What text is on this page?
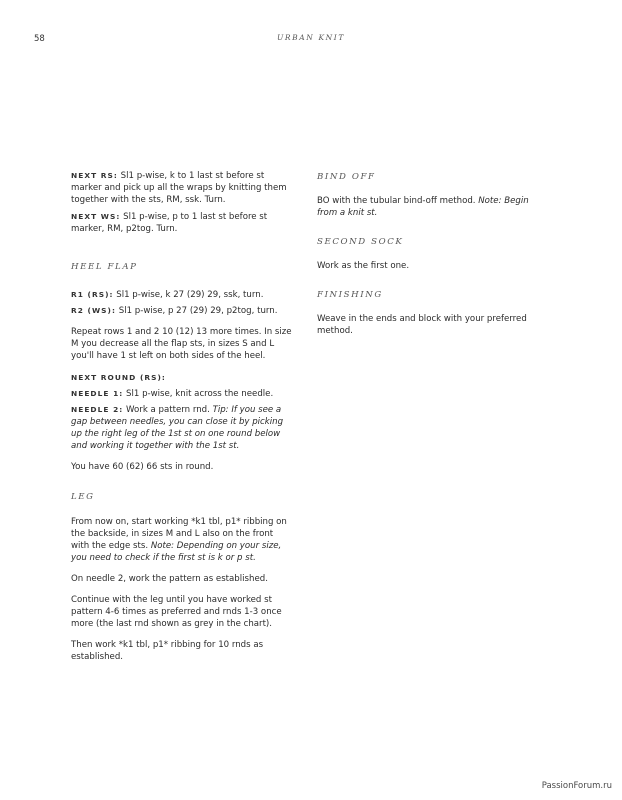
58	URBAN KNIT

NEXT RS: Sl1 p-wise, k to 1 last st before st marker and pick up all the wraps by knitting them together with the sts, RM, ssk. Turn.

NEXT WS: Sl1 p-wise, p to 1 last st before st marker, RM, p2tog. Turn.

HEEL FLAP

R1 (RS): Sl1 p-wise, k 27 (29) 29, ssk, turn.

R2 (WS): Sl1 p-wise, p 27 (29) 29, p2tog, turn.

Repeat rows 1 and 2 10 (12) 13 more times. In size M you decrease all the flap sts, in sizes S and L you'll have 1 st left on both sides of the heel.

NEXT ROUND (RS):

NEEDLE 1: Sl1 p-wise, knit across the needle.

NEEDLE 2: Work a pattern rnd. Tip: If you see a gap between needles, you can close it by picking up the right leg of the 1st st on one round below and working it together with the 1st st.

You have 60 (62) 66 sts in round.

LEG

From now on, start working *k1 tbl, p1* ribbing on the backside, in sizes M and L also on the front with the edge sts. Note: Depending on your size, you need to check if the first st is k or p st.

On needle 2, work the pattern as established.

Continue with the leg until you have worked st pattern 4-6 times as preferred and rnds 1-3 once more (the last rnd shown as grey in the chart).

Then work *k1 tbl, p1* ribbing for 10 rnds as established.

BIND OFF

BO with the tubular bind-off method. Note: Begin from a knit st.

SECOND SOCK

Work as the first one.

FINISHING

Weave in the ends and block with your preferred method.

PassionForum.ru
